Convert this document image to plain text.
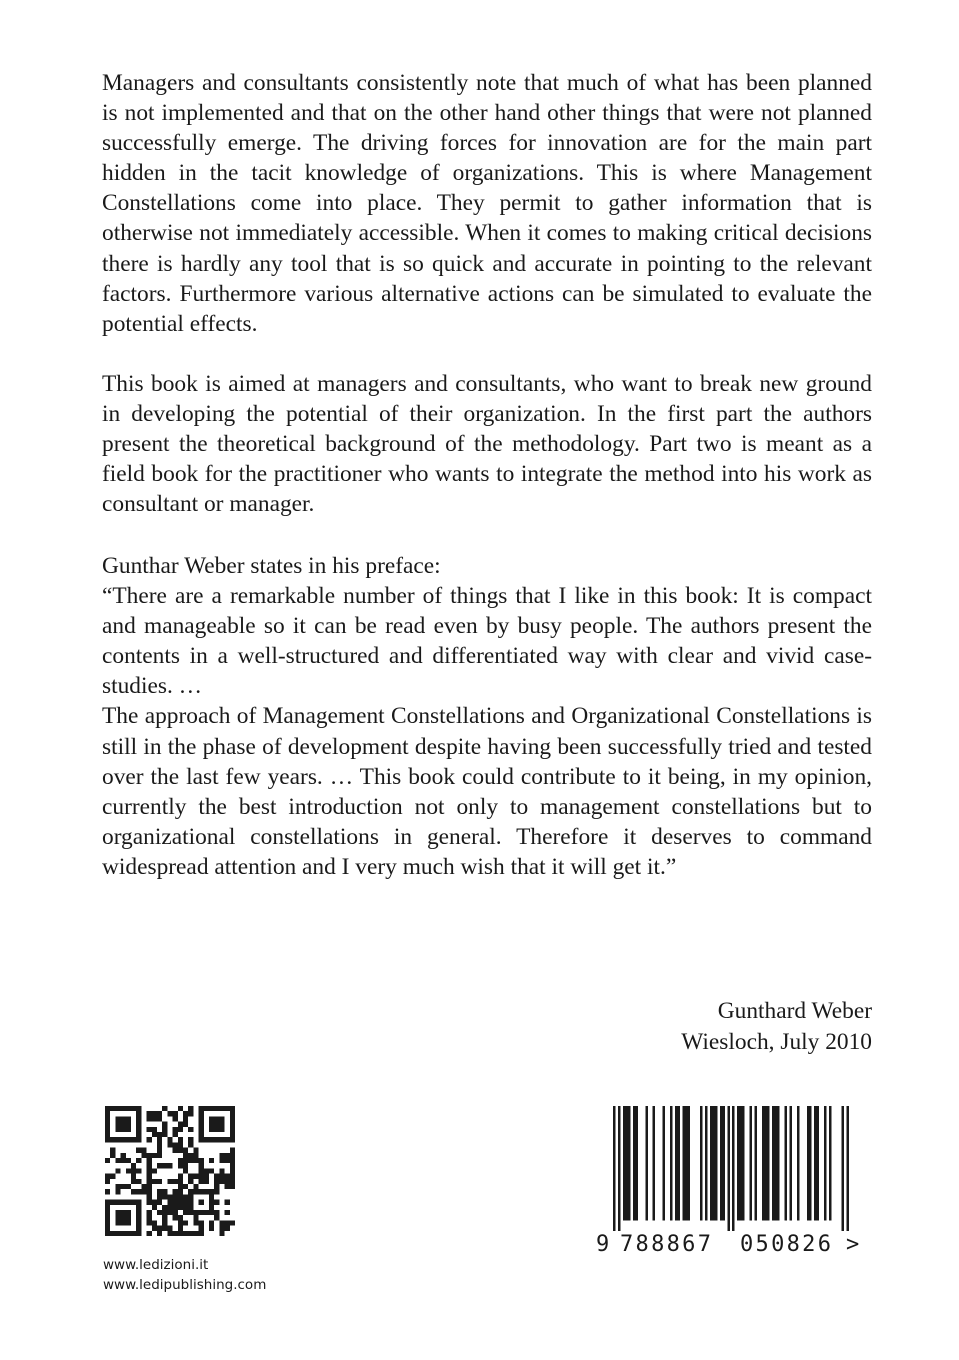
Managers and consultants consistently note that much of what has been planned is not implemented and that on the other hand other things that were not planned successfully emerge. The driving forces for innovation are for the main part hidden in the tacit knowledge of organizations. This is where Management Constellations come into place. They permit to gather information that is otherwise not immediately accessible. When it comes to making critical decisions there is hardly any tool that is so quick and accurate in pointing to the relevant factors. Furthermore various alternative actions can be simulated to evaluate the potential effects.

This book is aimed at managers and consultants, who want to break new ground in developing the potential of their organization. In the first part the authors present the theoretical background of the methodology. Part two is meant as a field book for the practitioner who wants to integrate the method into his work as consultant or manager.

Gunthar Weber states in his preface:

“There are a remarkable number of things that I like in this book: It is compact and manageable so it can be read even by busy people. The authors present the contents in a well-structured and differentiated way with clear and vivid case-studies. …

The approach of Management Constellations and Organizational Constellations is still in the phase of development despite having been successfully tried and tested over the last few years. … This book could contribute to it being, in my opinion, currently the best introduction not only to management constellations but to organizational constellations in general. Therefore it deserves to command widespread attention and I very much wish that it will get it.”

Gunthard Weber
Wiesloch, July 2010
www.ledizioni.it
www.ledipublishing.com
9 788867 050826 >
